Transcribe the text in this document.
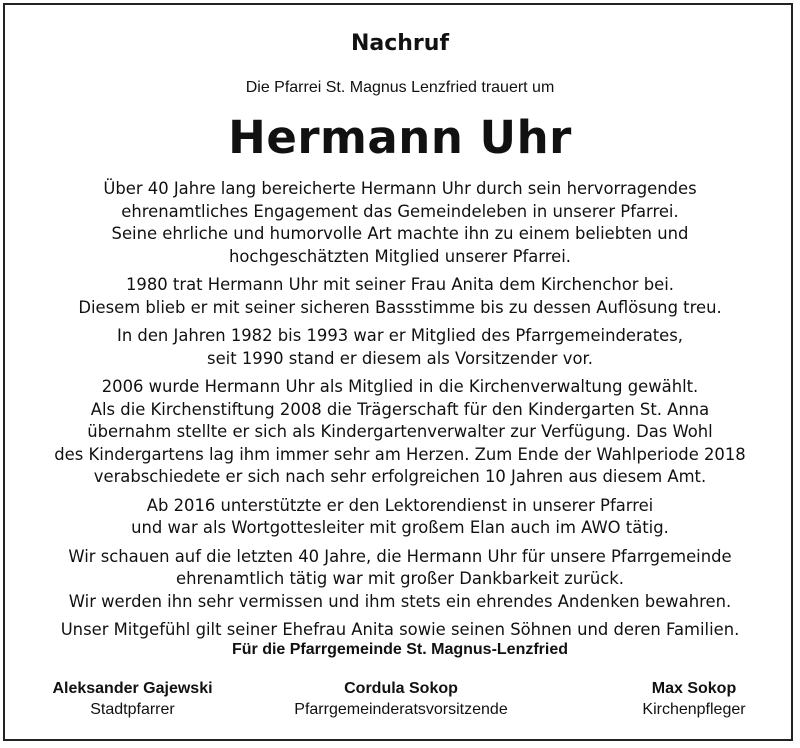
Nachruf
Die Pfarrei St. Magnus Lenzfried trauert um
Hermann Uhr
Über 40 Jahre lang bereicherte Hermann Uhr durch sein hervorragendes
ehrenamtliches Engagement das Gemeindeleben in unserer Pfarrei.
Seine ehrliche und humorvolle Art machte ihn zu einem beliebten und
hochgeschätzten Mitglied unserer Pfarrei.
1980 trat Hermann Uhr mit seiner Frau Anita dem Kirchenchor bei.
Diesem blieb er mit seiner sicheren Bassstimme bis zu dessen Auflösung treu.
In den Jahren 1982 bis 1993 war er Mitglied des Pfarrgemeinderates,
seit 1990 stand er diesem als Vorsitzender vor.
2006 wurde Hermann Uhr als Mitglied in die Kirchenverwaltung gewählt.
Als die Kirchenstiftung 2008 die Trägerschaft für den Kindergarten St. Anna
übernahm stellte er sich als Kindergartenverwalter zur Verfügung. Das Wohl
des Kindergartens lag ihm immer sehr am Herzen. Zum Ende der Wahlperiode 2018
verabschiedete er sich nach sehr erfolgreichen 10 Jahren aus diesem Amt.
Ab 2016 unterstützte er den Lektorendienst in unserer Pfarrei
und war als Wortgottesleiter mit großem Elan auch im AWO tätig.
Wir schauen auf die letzten 40 Jahre, die Hermann Uhr für unsere Pfarrgemeinde
ehrenamtlich tätig war mit großer Dankbarkeit zurück.
Wir werden ihn sehr vermissen und ihm stets ein ehrendes Andenken bewahren.
Unser Mitgefühl gilt seiner Ehefrau Anita sowie seinen Söhnen und deren Familien.
Für die Pfarrgemeinde St. Magnus-Lenzfried
Aleksander Gajewski
Stadtpfarrer
Cordula Sokop
Pfarrgemeinderatsvorsitzende
Max Sokop
Kirchenpfleger
